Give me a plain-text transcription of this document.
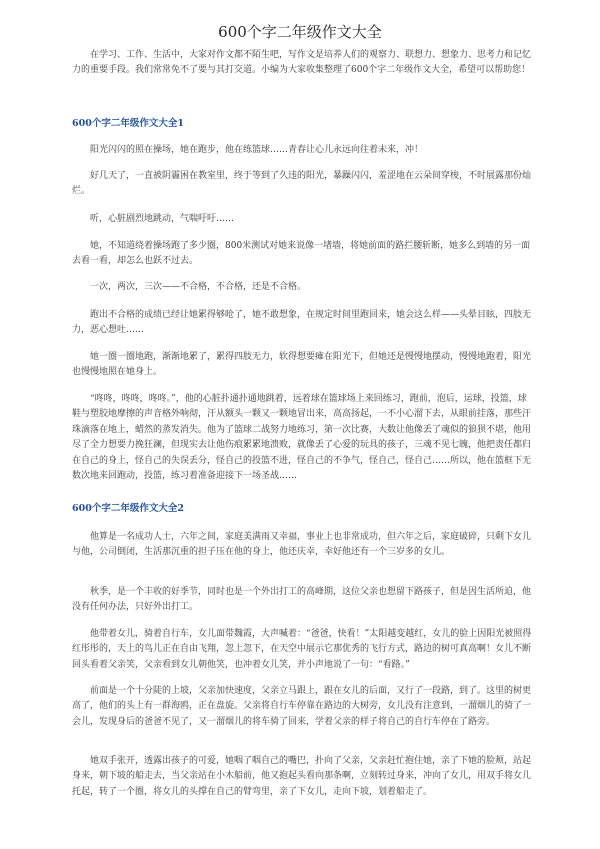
600个字二年级作文大全

在学习、工作、生活中，大家对作文都不陌生吧，写作文是培养人们的观察力、联想力、想象力、思考力和记忆力的重要手段。我们常常免不了要与其打交道。小编为大家收集整理了600个字二年级作文大全，希望可以帮助您！

600个字二年级作文大全1

阳光闪闪的照在操场，她在跑步，他在练篮球……青春让心儿永远向往着未来，冲！

好几天了，一直被阴霾困在教室里，终于等到了久违的阳光，暴躁闪闪，羞涩地在云朵间穿梭，不时展露那份灿烂。

听，心脏剧烈地跳动，气喘吁吁……

她，不知道绕着操场跑了多少圈，800米测试对她来说像一堵墙，将她前面的路拦腰斩断，她多么到墙的另一面去看一看，却怎么也跃不过去。

一次，两次，三次——不合格，不合格，还是不合格。

跑出不合格的成绩已经让她累得够呛了，她不敢想象，在规定时间里跑回来，她会这么样——头晕目眩，四肢无力，恶心想吐……

她一圈一圈地跑，渐渐地累了，累得四肢无力，软得想要瘫在阳光下，但她还是慢慢地摆动，慢慢地跑着，阳光也慢慢地照在她身上。

“咚咚，咚咚，咚咚。”，他的心脏扑通扑通地跳着，远着球在篮球场上来回练习，跑前，泡后，运球，投篮，球鞋与塑胶地摩擦的声音格外响彻，汗从额头一颗又一颗地冒出来，高高扬起，一不小心溜下去，从眼前挂落，那些汗珠滴落在地上，蜡然的蒸发消失。他为了篮球二战努力地练习，第一次比赛，大数让他像丢了魂似的狼狈不堪，他用尽了全力想要力挽狂澜，但现实去让他伤痕累累地溃败，就像丢了心爱的玩具的孩子，三魂不见七魄，他把责任都归在自己的身上，怪自己的失误丢分，怪自己的投篮不进，怪自己的不争气，怪自己，怪自己……所以，他在篮框下无数次地来回跑动，投篮，练习着准备迎接下一场圣战……

600个字二年级作文大全2

他算是一名成功人士，六年之间，家庭美满雨又幸福，事业上也非常成功，但六年之后，家庭破碎，只剩下女儿与他，公司倒闭，生活那沉重的担子压在他的身上，他还庆幸，幸好他还有一个三岁多的女儿。

秋季，是一个丰收的好季节，同时也是一个外出打工的高峰期，这位父亲也想留下路孩子，但是因生活所迫，他没有任何办法，只好外出打工。

他带着女儿，骑着自行车，女儿面带魏霞，大声喊着：“爸爸，快看！”太阳越变越红，女儿的脸上因阳光被照得红彤彤的，天上的鸟儿正在自由飞翔，忽上忽下，在天空中展示它那优秀的飞行方式，路边的树可真高啊！女儿不断回头看着父亲笑，父亲看到女儿朝他笑，也冲着女儿笑，并小声地说了一句：“看路。”

前面是一个十分陡的上坡，父亲加快速度，父亲立马跟上，跟在女儿的后面，又行了一段路，到了。这里的树更高了，他们的头上有一群海鸥，正在盘旋。父亲将自行车停靠在路边的大树旁，女儿没有注意到，一溜烟儿的骑了一会儿，发现身后的爸爸不见了，又一溜烟儿的将车骑了回来，学着父亲的样子将自己的自行车停在了路旁。

她双手张开，透露出孩子的可爱，她咽了咽自己的嘴巴，扑向了父亲，父亲赶忙抱住她，亲了下她的脸颊，站起身来，朝下坡的船走去，当父亲站在小木船前，他又抱起头看向那条啊，立刻转过身来，冲向了女儿，用双手将女儿托起，转了一个圈，将女儿的头撑在自己的臂弯里，亲了下女儿，走向下坡，划着船走了。
